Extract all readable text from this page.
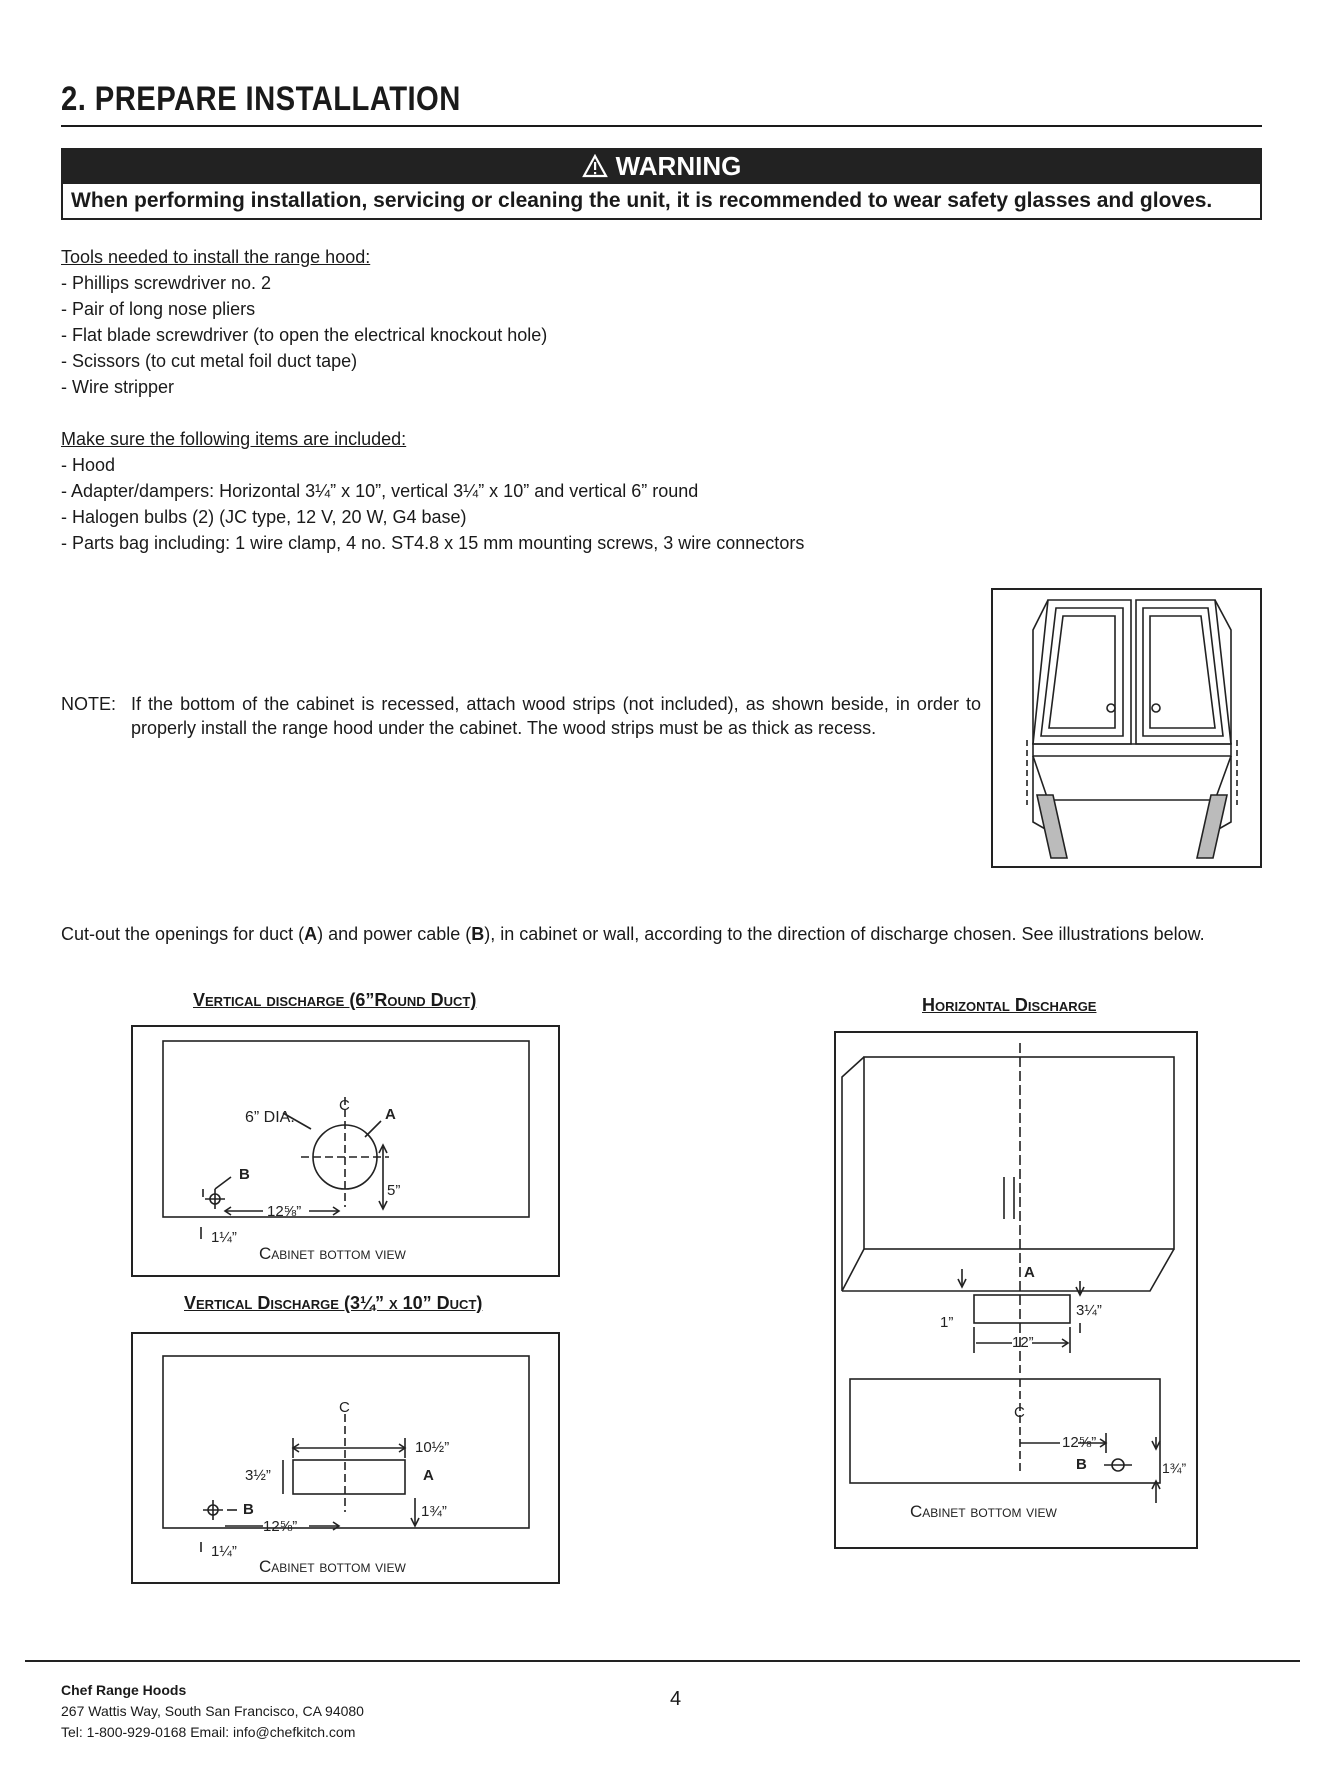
2. PREPARE INSTALLATION
WARNING
When performing installation, servicing or cleaning the unit, it is recommended to wear safety glasses and gloves.
Tools needed to install the range hood:
- Phillips screwdriver no. 2
- Pair of long nose pliers
- Flat blade screwdriver (to open the electrical knockout hole)
- Scissors (to cut metal foil duct tape)
- Wire stripper
Make sure the following items are included:
- Hood
- Adapter/dampers: Horizontal 3¼” x 10”, vertical 3¼” x 10” and vertical 6” round
- Halogen bulbs (2) (JC type, 12 V, 20 W, G4 base)
- Parts bag including: 1 wire clamp, 4 no. ST4.8 x 15 mm mounting screws, 3 wire connectors
NOTE: If the bottom of the cabinet is recessed, attach wood strips (not included), as shown beside, in order to properly install the range hood under the cabinet. The wood strips must be as thick as recess.
Cut-out the openings for duct (A) and power cable (B), in cabinet or wall, according to the direction of discharge chosen. See illustrations below.
Vertical discharge (6”Round Duct)
6” DIA.
C
A
B
5”
12⅝”
1¼”
Cabinet bottom view
Vertical Discharge (3¼” x 10” Duct)
C
10½”
3½”	A
B
12⅝”
1¾”
1¼”
Cabinet bottom view
Horizontal Discharge
A
1”
3¼”
12”
C
12⅝”
B	1¾”
Cabinet bottom view
Chef Range Hoods
267 Wattis Way, South San Francisco, CA 94080
Tel: 1-800-929-0168 Email: info@chefkitch.com
4
